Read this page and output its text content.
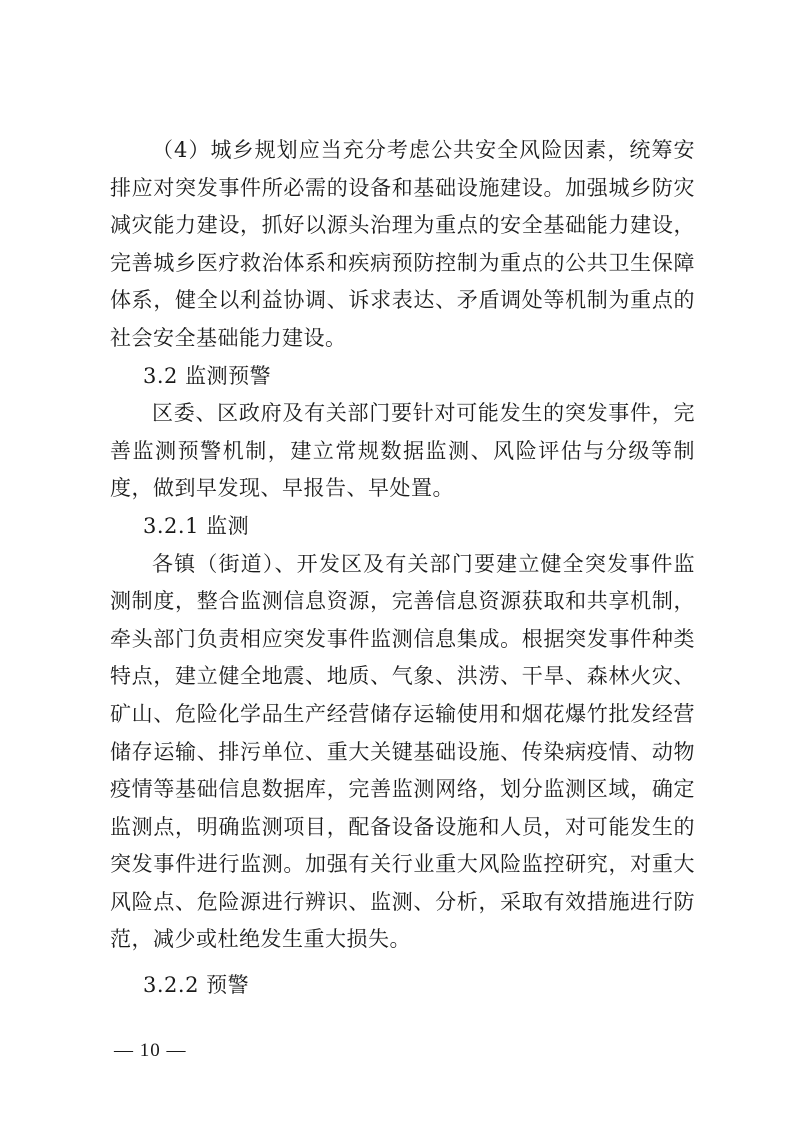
（4）城乡规划应当充分考虑公共安全风险因素，统筹安排应对突发事件所必需的设备和基础设施建设。加强城乡防灾减灾能力建设，抓好以源头治理为重点的安全基础能力建设，完善城乡医疗救治体系和疾病预防控制为重点的公共卫生保障体系，健全以利益协调、诉求表达、矛盾调处等机制为重点的社会安全基础能力建设。

3.2 监测预警

区委、区政府及有关部门要针对可能发生的突发事件，完善监测预警机制，建立常规数据监测、风险评估与分级等制度，做到早发现、早报告、早处置。

3.2.1 监测

各镇（街道）、开发区及有关部门要建立健全突发事件监测制度，整合监测信息资源，完善信息资源获取和共享机制，牵头部门负责相应突发事件监测信息集成。根据突发事件种类特点，建立健全地震、地质、气象、洪涝、干旱、森林火灾、矿山、危险化学品生产经营储存运输使用和烟花爆竹批发经营储存运输、排污单位、重大关键基础设施、传染病疫情、动物疫情等基础信息数据库，完善监测网络，划分监测区域，确定监测点，明确监测项目，配备设备设施和人员，对可能发生的突发事件进行监测。加强有关行业重大风险监控研究，对重大风险点、危险源进行辨识、监测、分析，采取有效措施进行防范，减少或杜绝发生重大损失。

3.2.2 预警

— 10 —
